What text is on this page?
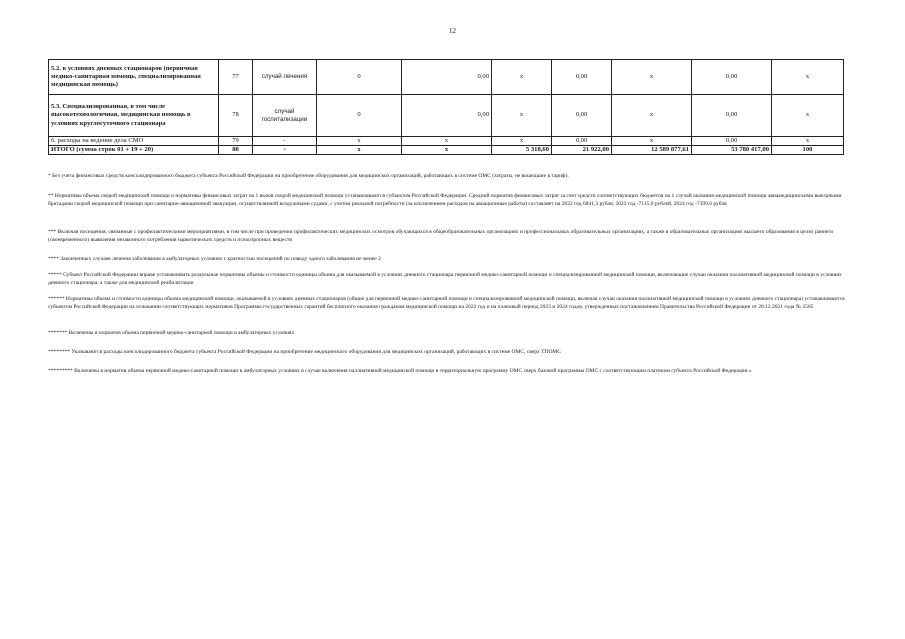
12
5.2. в условиях дневных стационаров (первичная медико-санитарная помощь, специализированная медицинская помощь)	77	случай лечения	0	0,00	x	0,00	x	0,00	x
5.3. Специализированная, в том числе высокотехнологичная, медицинская помощь в условиях круглосуточного стационара	78	случай госпитализации	0	0,00	x	0,00	x	0,00	x
6. расходы на ведение дела СМО	79	-	x	x	x	0,00	x	0,00	x
ИТОГО (сумма строк 01 + 19 + 20)	80	-	x	x	5 318,60	21 922,00	12 589 877,61	53 780 417,00	100

* Без учета финансовых средств консолидированного бюджета субъекта Российской Федерации на приобретение оборудования для медицинских организаций, работающих в системе ОМС (затраты, не вошедшие в тариф).

** Нормативы объема скорой медицинской помощи и нормативы финансовых затрат на 1 вызов скорой медицинской помощи устанавливаются субъектом Российской Федерации. Средний норматив финансовых затрат за счет средств соответствующих бюджетов на 1 случай оказания медицинской помощи авиамедицинскими выездными бригадами скорой медицинской помощи при санитарно-авиационной эвакуации, осуществляемой воздушными судами, с учетом реальной потребности (за исключением расходов на авиационные работы) составляет на 2022 год 6841,3 рубля, 2023 год -7115,0 рублей, 2024 год -7399,6 рубля

*** Включая посещения, связанные с профилактическими мероприятиями, в том числе при проведении профилактических медицинских осмотров обучающихся в общеобразовательных организациях и профессиональных образовательных организациях, а также в образовательных организациях высшего образования в целях раннего (своевременного) выявления незаконного потребления наркотических средств и психотропных веществ

**** Законченных случаев лечения заболевания в амбулаторных условиях с кратностью посещений по поводу одного заболевания не менее 2

***** Субъект Российской Федерации вправе устанавливать раздельные нормативы объемы и стоимости единицы объема для оказываемой в условиях дневного стационара первичной медико-санитарной помощи и специализированной медицинской помощи, включающие случаи оказания паллиативной медицинской помощи в условиях дневного стационара, а также для медицинской реабилитации

****** Нормативы объема и стоимости единицы объема медицинской помощи, оказываемой в условиях дневных стационаров (общие для первичной медико-санитарной помощи и специализированной медицинской помощи, включая случаи оказания паллиативной медицинской помощи в условиях дневного стационара) устанавливаются субъектом Российской Федерации на основании соответствующих нормативов Программы государственных гарантий бесплатного оказания гражданам медицинской помощи на 2022 год и на плановый период 2023 и 2024 годов, утвержденных постановлением Правительства Российской Федерации от 28.12.2021 года № 2505

******* Включены в норматив объема первичной медико-санитарной помощи в амбулаторных условиях

******** Указываются расходы консолидированного бюджета субъекта Российской Федерации на приобретение медицинского оборудования для медицинских организаций, работающих в системе ОМС, сверх ТПОМС

********* Включены в норматив объема первичной медико-санитарной помощи в амбулаторных условиях в случае включения паллиативной медицинской помощи в территориальную программу ОМС сверх базовой программы ОМС с соответствующим платежом субъекта Российской Федерации »
